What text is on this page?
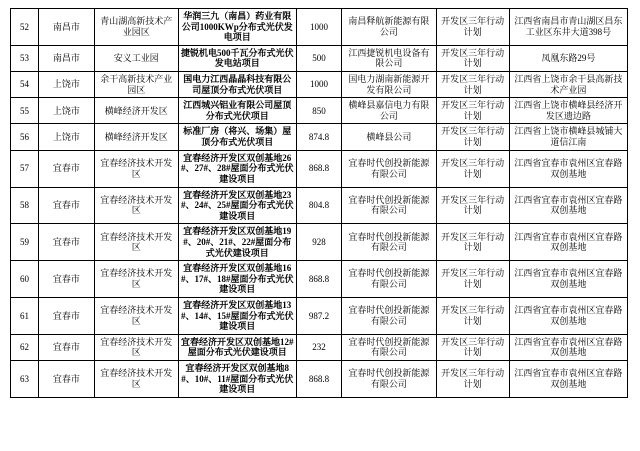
52	南昌市	青山湖高新技术产业园区	华润三九（南昌）药业有限公司1000KWp分布式光伏发电项目	1000	南昌释航新能源有限公司	开发区三年行动计划	江西省南昌市青山湖区昌东工业区东井大道398号
53	南昌市	安义工业园	捷锐机电500千瓦分布式光伏发电站项目	500	江西捷锐机电设备有限公司	开发区三年行动计划	凤凰东路29号
54	上饶市	余干高新技术产业园区	国电力江西晶晶科技有限公司屋顶分布式光伏项目	1000	国电力湖南新能源开发有限公司	开发区三年行动计划	江西省上饶市余干县高新技术产业园
55	上饶市	横峰经济开发区	江西城兴铝业有限公司屋顶分布式光伏项目	850	横峰县嘉信电力有限公司	开发区三年行动计划	江西省上饶市横峰县经济开发区遗边路
56	上饶市	横峰经济开发区	标准厂房（将兴、场集）屋顶分布式光伏项目	874.8	横峰县公司	开发区三年行动计划	江西省上饶市横峰县城铺大道信江南
57	宜春市	宜春经济技术开发区	宜春经济开发区双创基地26#、27#、28#屋面分布式光伏建设项目	868.8	宜春时代创投新能源有限公司	开发区三年行动计划	江西省宜春市袁州区宜春路双创基地
58	宜春市	宜春经济技术开发区	宜春经济开发区双创基地23#、24#、25#屋面分布式光伏建设项目	804.8	宜春时代创投新能源有限公司	开发区三年行动计划	江西省宜春市袁州区宜春路双创基地
59	宜春市	宜春经济技术开发区	宜春经济开发区双创基地19#、20#、21#、22#屋面分布式光伏建设项目	928	宜春时代创投新能源有限公司	开发区三年行动计划	江西省宜春市袁州区宜春路双创基地
60	宜春市	宜春经济技术开发区	宜春经济开发区双创基地16#、17#、18#屋面分布式光伏建设项目	868.8	宜春时代创投新能源有限公司	开发区三年行动计划	江西省宜春市袁州区宜春路双创基地
61	宜春市	宜春经济技术开发区	宜春经济开发区双创基地13#、14#、15#屋面分布式光伏建设项目	987.2	宜春时代创投新能源有限公司	开发区三年行动计划	江西省宜春市袁州区宜春路双创基地
62	宜春市	宜春经济技术开发区	宜春经济开发区双创基地12#屋面分布式光伏建设项目	232	宜春时代创投新能源有限公司	开发区三年行动计划	江西省宜春市袁州区宜春路双创基地
63	宜春市	宜春经济技术开发区	宜春经济开发区双创基地8#、10#、11#屋面分布式光伏建设项目	868.8	宜春时代创投新能源有限公司	开发区三年行动计划	江西省宜春市袁州区宜春路双创基地
